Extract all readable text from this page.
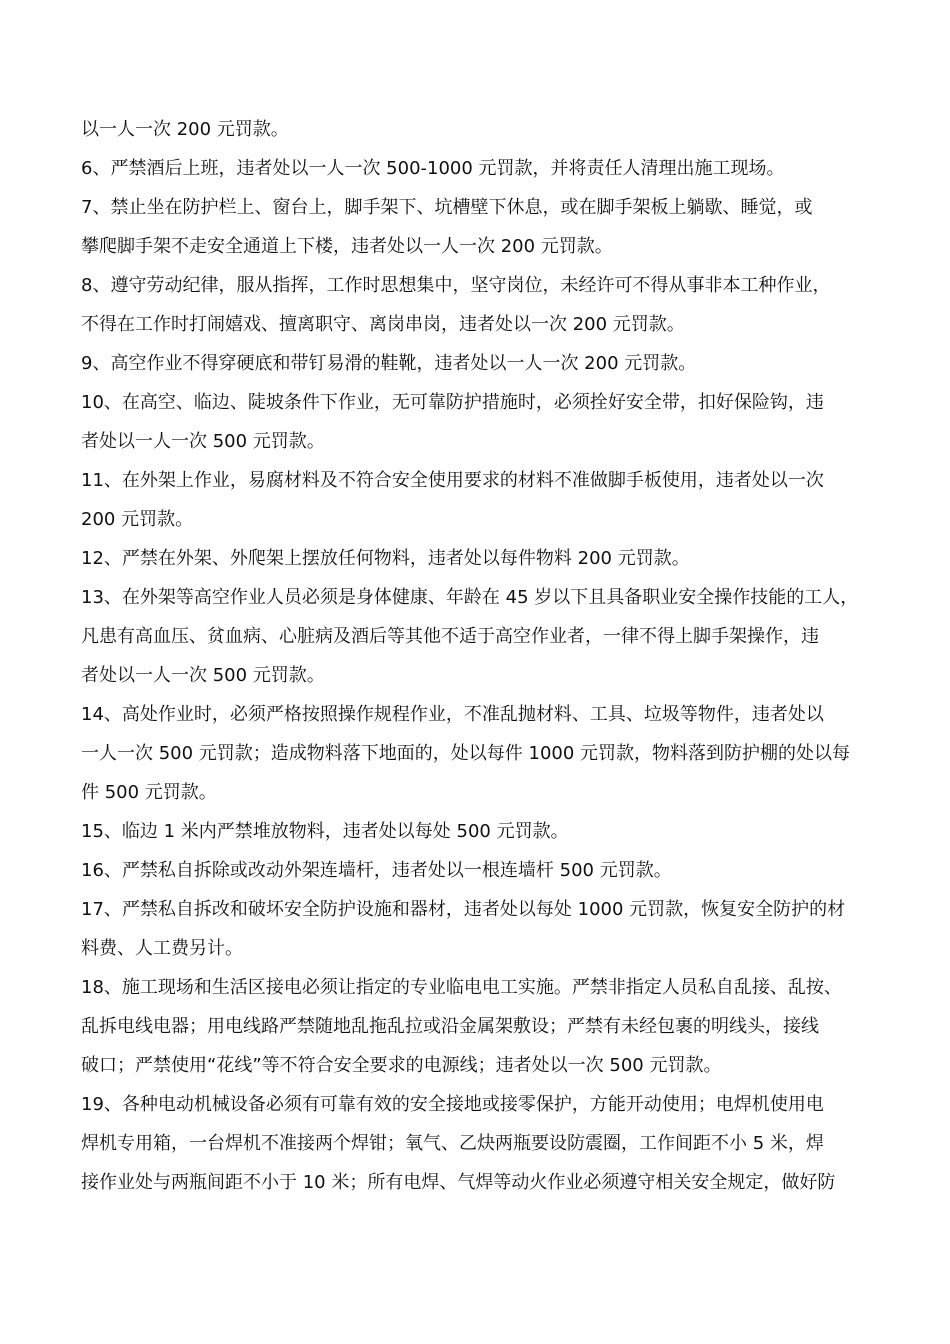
以一人一次 200 元罚款。
6、严禁酒后上班，违者处以一人一次 500-1000 元罚款，并将责任人清理出施工现场。
7、禁止坐在防护栏上、窗台上，脚手架下、坑槽壁下休息，或在脚手架板上躺歇、睡觉，或
攀爬脚手架不走安全通道上下楼，违者处以一人一次 200 元罚款。
8、遵守劳动纪律，服从指挥，工作时思想集中，坚守岗位，未经许可不得从事非本工种作业，
不得在工作时打闹嬉戏、擅离职守、离岗串岗，违者处以一次 200 元罚款。
9、高空作业不得穿硬底和带钉易滑的鞋靴，违者处以一人一次 200 元罚款。
10、在高空、临边、陡坡条件下作业，无可靠防护措施时，必须拴好安全带，扣好保险钩，违
者处以一人一次 500 元罚款。
11、在外架上作业，易腐材料及不符合安全使用要求的材料不准做脚手板使用，违者处以一次
200 元罚款。
12、严禁在外架、外爬架上摆放任何物料，违者处以每件物料 200 元罚款。
13、在外架等高空作业人员必须是身体健康、年龄在 45 岁以下且具备职业安全操作技能的工人，
凡患有高血压、贫血病、心脏病及酒后等其他不适于高空作业者，一律不得上脚手架操作，违
者处以一人一次 500 元罚款。
14、高处作业时，必须严格按照操作规程作业，不准乱抛材料、工具、垃圾等物件，违者处以
一人一次 500 元罚款；造成物料落下地面的，处以每件 1000 元罚款，物料落到防护棚的处以每
件 500 元罚款。
15、临边 1 米内严禁堆放物料，违者处以每处 500 元罚款。
16、严禁私自拆除或改动外架连墙杆，违者处以一根连墙杆 500 元罚款。
17、严禁私自拆改和破坏安全防护设施和器材，违者处以每处 1000 元罚款，恢复安全防护的材
料费、人工费另计。
18、施工现场和生活区接电必须让指定的专业临电电工实施。严禁非指定人员私自乱接、乱按、
乱拆电线电器；用电线路严禁随地乱拖乱拉或沿金属架敷设；严禁有未经包裹的明线头，接线
破口；严禁使用“花线”等不符合安全要求的电源线；违者处以一次 500 元罚款。
19、各种电动机械设备必须有可靠有效的安全接地或接零保护，方能开动使用；电焊机使用电
焊机专用箱，一台焊机不准接两个焊钳；氧气、乙炔两瓶要设防震圈，工作间距不小 5 米，焊
接作业处与两瓶间距不小于 10 米；所有电焊、气焊等动火作业必须遵守相关安全规定，做好防
